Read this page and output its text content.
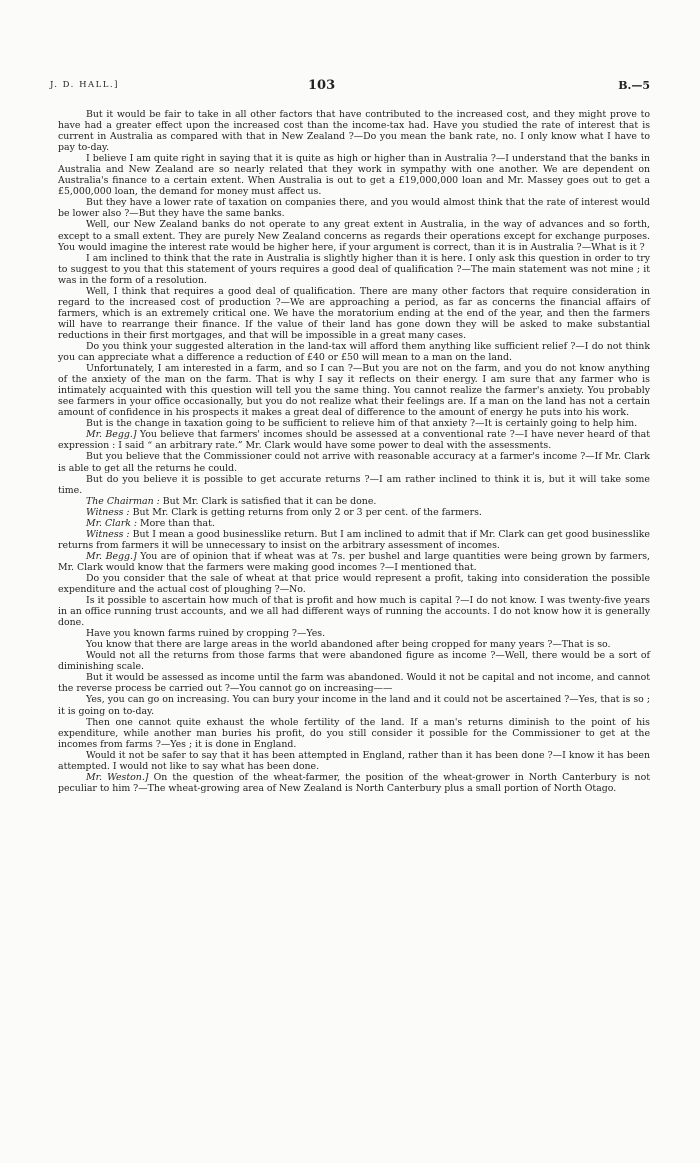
J. D. HALL.]	103	B.—5

But it would be fair to take in all other factors that have contributed to the increased cost, and they might prove to have had a greater effect upon the increased cost than the income-tax had. Have you studied the rate of interest that is current in Australia as compared with that in New Zealand ?—Do you mean the bank rate, no. I only know what I have to pay to-day.

I believe I am quite right in saying that it is quite as high or higher than in Australia ?—I understand that the banks in Australia and New Zealand are so nearly related that they work in sympathy with one another. We are dependent on Australia's finance to a certain extent. When Australia is out to get a £19,000,000 loan and Mr. Massey goes out to get a £5,000,000 loan, the demand for money must affect us.

But they have a lower rate of taxation on companies there, and you would almost think that the rate of interest would be lower also ?—But they have the same banks.

Well, our New Zealand banks do not operate to any great extent in Australia, in the way of advances and so forth, except to a small extent. They are purely New Zealand concerns as regards their operations except for exchange purposes. You would imagine the interest rate would be higher here, if your argument is correct, than it is in Australia ?—What is it ?

I am inclined to think that the rate in Australia is slightly higher than it is here. I only ask this question in order to try to suggest to you that this statement of yours requires a good deal of qualification ?—The main statement was not mine ; it was in the form of a resolution.

Well, I think that requires a good deal of qualification. There are many other factors that require consideration in regard to the increased cost of production ?—We are approaching a period, as far as concerns the financial affairs of farmers, which is an extremely critical one. We have the moratorium ending at the end of the year, and then the farmers will have to rearrange their finance. If the value of their land has gone down they will be asked to make substantial reductions in their first mortgages, and that will be impossible in a great many cases.

Do you think your suggested alteration in the land-tax will afford them anything like sufficient relief ?—I do not think you can appreciate what a difference a reduction of £40 or £50 will mean to a man on the land.

Unfortunately, I am interested in a farm, and so I can ?—But you are not on the farm, and you do not know anything of the anxiety of the man on the farm. That is why I say it reflects on their energy. I am sure that any farmer who is intimately acquainted with this question will tell you the same thing. You cannot realize the farmer's anxiety. You probably see farmers in your office occasionally, but you do not realize what their feelings are. If a man on the land has not a certain amount of confidence in his prospects it makes a great deal of difference to the amount of energy he puts into his work.

But is the change in taxation going to be sufficient to relieve him of that anxiety ?—It is certainly going to help him.

Mr. Begg.] You believe that farmers' incomes should be assessed at a conventional rate ?—I have never heard of that expression : I said “ an arbitrary rate.” Mr. Clark would have some power to deal with the assessments.

But you believe that the Commissioner could not arrive with reasonable accuracy at a farmer's income ?—If Mr. Clark is able to get all the returns he could.

But do you believe it is possible to get accurate returns ?—I am rather inclined to think it is, but it will take some time.

The Chairman : But Mr. Clark is satisfied that it can be done.

Witness : But Mr. Clark is getting returns from only 2 or 3 per cent. of the farmers.

Mr. Clark : More than that.

Witness : But I mean a good businesslike return. But I am inclined to admit that if Mr. Clark can get good businesslike returns from farmers it will be unnecessary to insist on the arbitrary assessment of incomes.

Mr. Begg.] You are of opinion that if wheat was at 7s. per bushel and large quantities were being grown by farmers, Mr. Clark would know that the farmers were making good incomes ?—I mentioned that.

Do you consider that the sale of wheat at that price would represent a profit, taking into consideration the possible expenditure and the actual cost of ploughing ?—No.

Is it possible to ascertain how much of that is profit and how much is capital ?—I do not know. I was twenty-five years in an office running trust accounts, and we all had different ways of running the accounts. I do not know how it is generally done.

Have you known farms ruined by cropping ?—Yes.

You know that there are large areas in the world abandoned after being cropped for many years ?—That is so.

Would not all the returns from those farms that were abandoned figure as income ?—Well, there would be a sort of diminishing scale.

But it would be assessed as income until the farm was abandoned. Would it not be capital and not income, and cannot the reverse process be carried out ?—You cannot go on increasing——

Yes, you can go on increasing. You can bury your income in the land and it could not be ascertained ?—Yes, that is so ; it is going on to-day.

Then one cannot quite exhaust the whole fertility of the land. If a man's returns diminish to the point of his expenditure, while another man buries his profit, do you still consider it possible for the Commissioner to get at the incomes from farms ?—Yes ; it is done in England.

Would it not be safer to say that it has been attempted in England, rather than it has been done ?—I know it has been attempted. I would not like to say what has been done.

Mr. Weston.] On the question of the wheat-farmer, the position of the wheat-grower in North Canterbury is not peculiar to him ?—The wheat-growing area of New Zealand is North Canterbury plus a small portion of North Otago.
